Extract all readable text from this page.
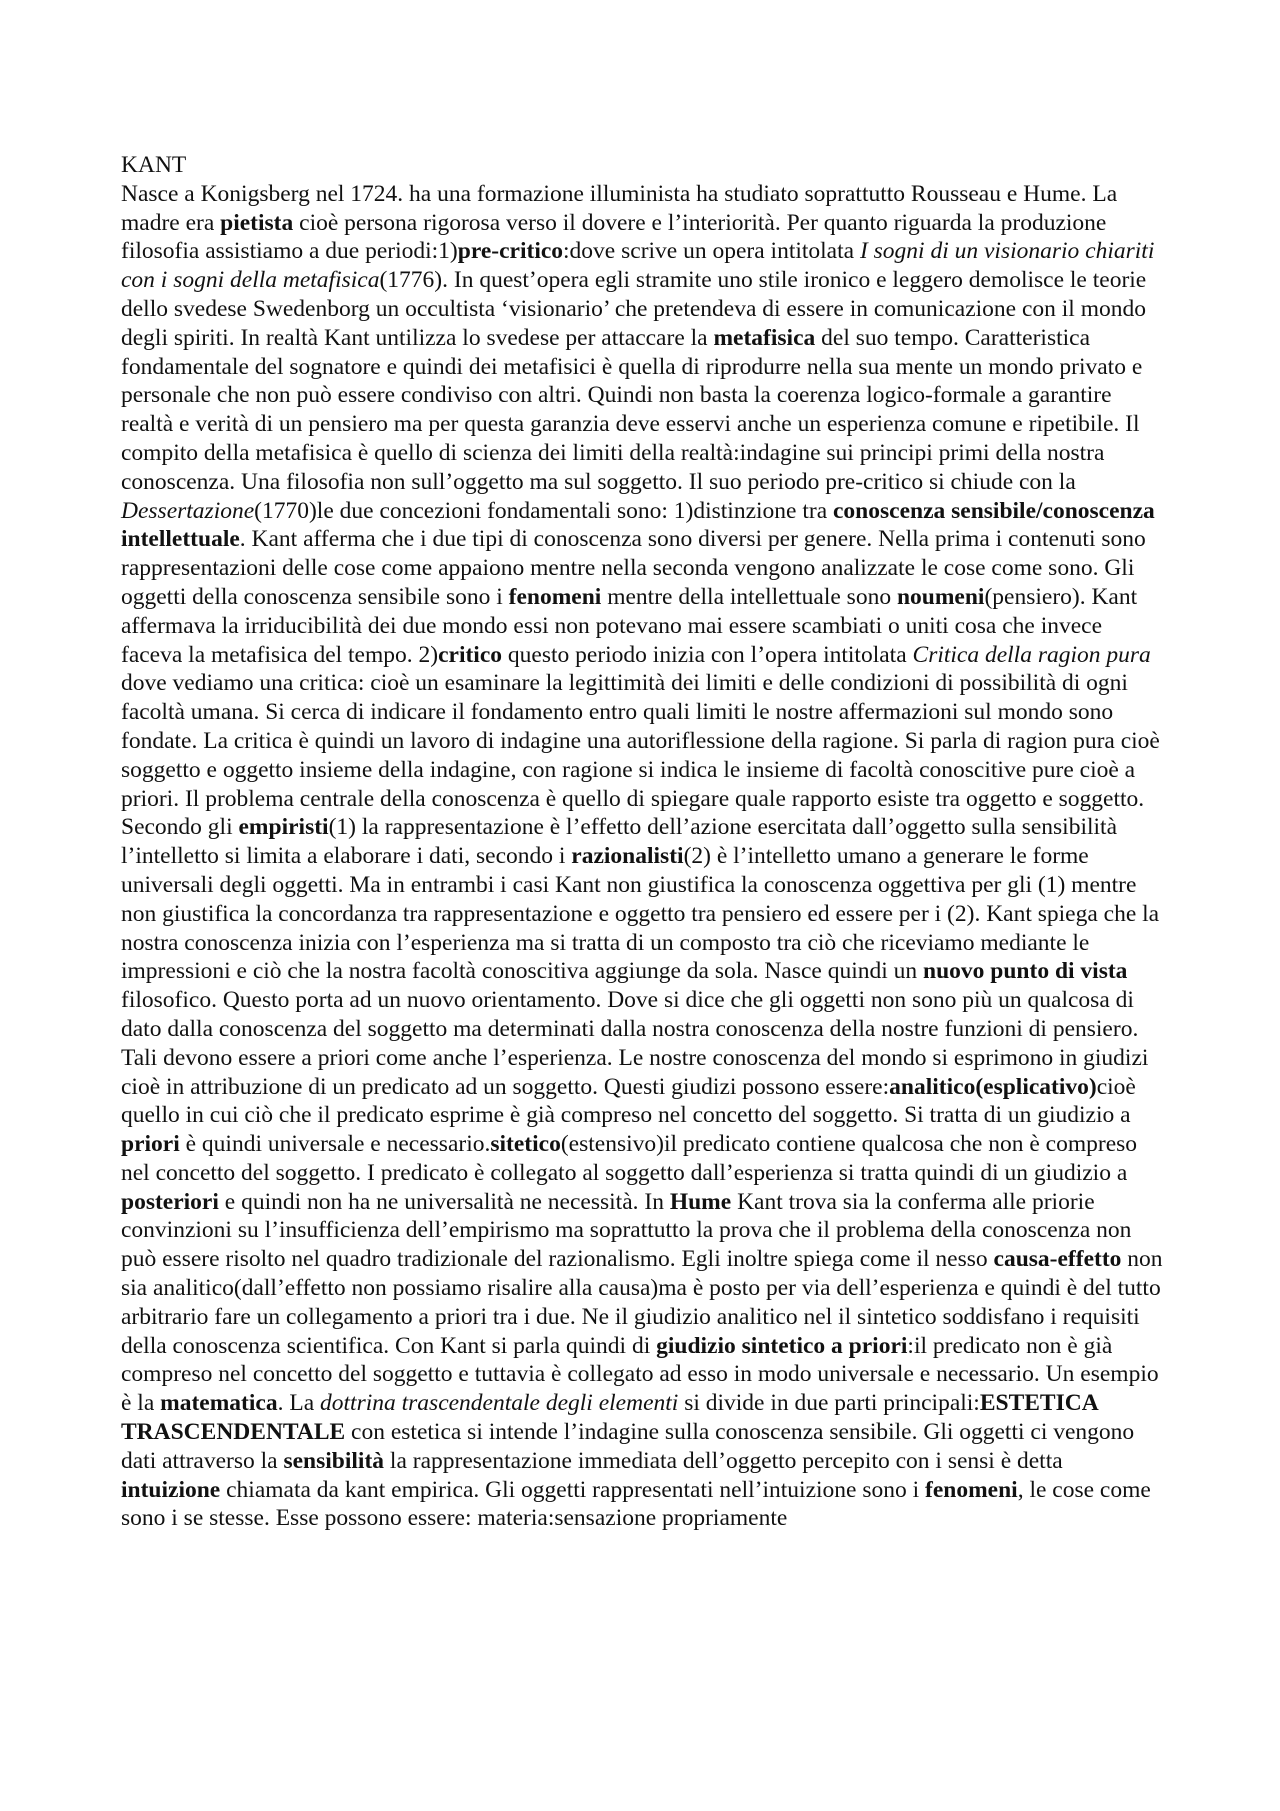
KANT

Nasce a Konigsberg nel 1724. ha una formazione illuminista ha studiato soprattutto Rousseau e Hume. La madre era pietista cioè persona rigorosa verso il dovere e l’interiorità. Per quanto riguarda la produzione filosofia assistiamo a due periodi:1)pre-critico:dove scrive un opera intitolata I sogni di un visionario chiariti con i sogni della metafisica(1776). In quest’opera egli stramite uno stile ironico e leggero demolisce le teorie dello svedese Swedenborg un occultista ‘visionario’ che pretendeva di essere in comunicazione con il mondo degli spiriti. In realtà Kant untilizza lo svedese per attaccare la metafisica del suo tempo. Caratteristica fondamentale del sognatore e quindi dei metafisici è quella di riprodurre nella sua mente un mondo privato e personale che non può essere condiviso con altri. Quindi non basta la coerenza logico-formale a garantire realtà e verità di un pensiero ma per questa garanzia deve esservi anche un esperienza comune e ripetibile. Il compito della metafisica è quello di scienza dei limiti della realtà:indagine sui principi primi della nostra conoscenza. Una filosofia non sull’oggetto ma sul soggetto. Il suo periodo pre-critico si chiude con la Dessertazione(1770)le due concezioni fondamentali sono: 1)distinzione tra conoscenza sensibile/conoscenza intellettuale. Kant afferma che i due tipi di conoscenza sono diversi per genere. Nella prima i contenuti sono rappresentazioni delle cose come appaiono mentre nella seconda vengono analizzate le cose come sono. Gli oggetti della conoscenza sensibile sono i fenomeni mentre della intellettuale sono noumeni(pensiero). Kant affermava la irriducibilità dei due mondo essi non potevano mai essere scambiati o uniti cosa che invece faceva la metafisica del tempo. 2)critico questo periodo inizia con l’opera intitolata Critica della ragion pura dove vediamo una critica: cioè un esaminare la legittimità dei limiti e delle condizioni di possibilità di ogni facoltà umana. Si cerca di indicare il fondamento entro quali limiti le nostre affermazioni sul mondo sono fondate. La critica è quindi un lavoro di indagine una autoriflessione della ragione. Si parla di ragion pura cioè soggetto e oggetto insieme della indagine, con ragione si indica le insieme di facoltà conoscitive pure cioè a priori. Il problema centrale della conoscenza è quello di spiegare quale rapporto esiste tra oggetto e soggetto. Secondo gli empiristi(1) la rappresentazione è l’effetto dell’azione esercitata dall’oggetto sulla sensibilità l’intelletto si limita a elaborare i dati, secondo i razionalisti(2) è l’intelletto umano a generare le forme universali degli oggetti. Ma in entrambi i casi Kant non giustifica la conoscenza oggettiva per gli (1) mentre non giustifica la concordanza tra rappresentazione e oggetto tra pensiero ed essere per i (2). Kant spiega che la nostra conoscenza inizia con l’esperienza ma si tratta di un composto tra ciò che riceviamo mediante le impressioni e ciò che la nostra facoltà conoscitiva aggiunge da sola. Nasce quindi un nuovo punto di vista filosofico. Questo porta ad un nuovo orientamento. Dove si dice che gli oggetti non sono più un qualcosa di dato dalla conoscenza del soggetto ma determinati dalla nostra conoscenza della nostre funzioni di pensiero. Tali devono essere a priori come anche l’esperienza. Le nostre conoscenza del mondo si esprimono in giudizi cioè in attribuzione di un predicato ad un soggetto. Questi giudizi possono essere:analitico(esplicativo)cioè quello in cui ciò che il predicato esprime è già compreso nel concetto del soggetto. Si tratta di un giudizio a priori è quindi universale e necessario.sitetico(estensivo)il predicato contiene qualcosa che non è compreso nel concetto del soggetto. I predicato è collegato al soggetto dall’esperienza si tratta quindi di un giudizio a posteriori e quindi non ha ne universalità ne necessità. In Hume Kant trova sia la conferma alle priorie convinzioni su l’insufficienza dell’empirismo ma soprattutto la prova che il problema della conoscenza non può essere risolto nel quadro tradizionale del razionalismo. Egli inoltre spiega come il nesso causa-effetto non sia analitico(dall’effetto non possiamo risalire alla causa)ma è posto per via dell’esperienza e quindi è del tutto arbitrario fare un collegamento a priori tra i due. Ne il giudizio analitico nel il sintetico soddisfano i requisiti della conoscenza scientifica. Con Kant si parla quindi di giudizio sintetico a priori:il predicato non è già compreso nel concetto del soggetto e tuttavia è collegato ad esso in modo universale e necessario. Un esempio è la matematica. La dottrina trascendentale degli elementi si divide in due parti principali:ESTETICA TRASCENDENTALE con estetica si intende l’indagine sulla conoscenza sensibile. Gli oggetti ci vengono dati attraverso la sensibilità la rappresentazione immediata dell’oggetto percepito con i sensi è detta intuizione chiamata da kant empirica. Gli oggetti rappresentati nell’intuizione sono i fenomeni, le cose come sono i se stesse. Esse possono essere: materia:sensazione propriamente
